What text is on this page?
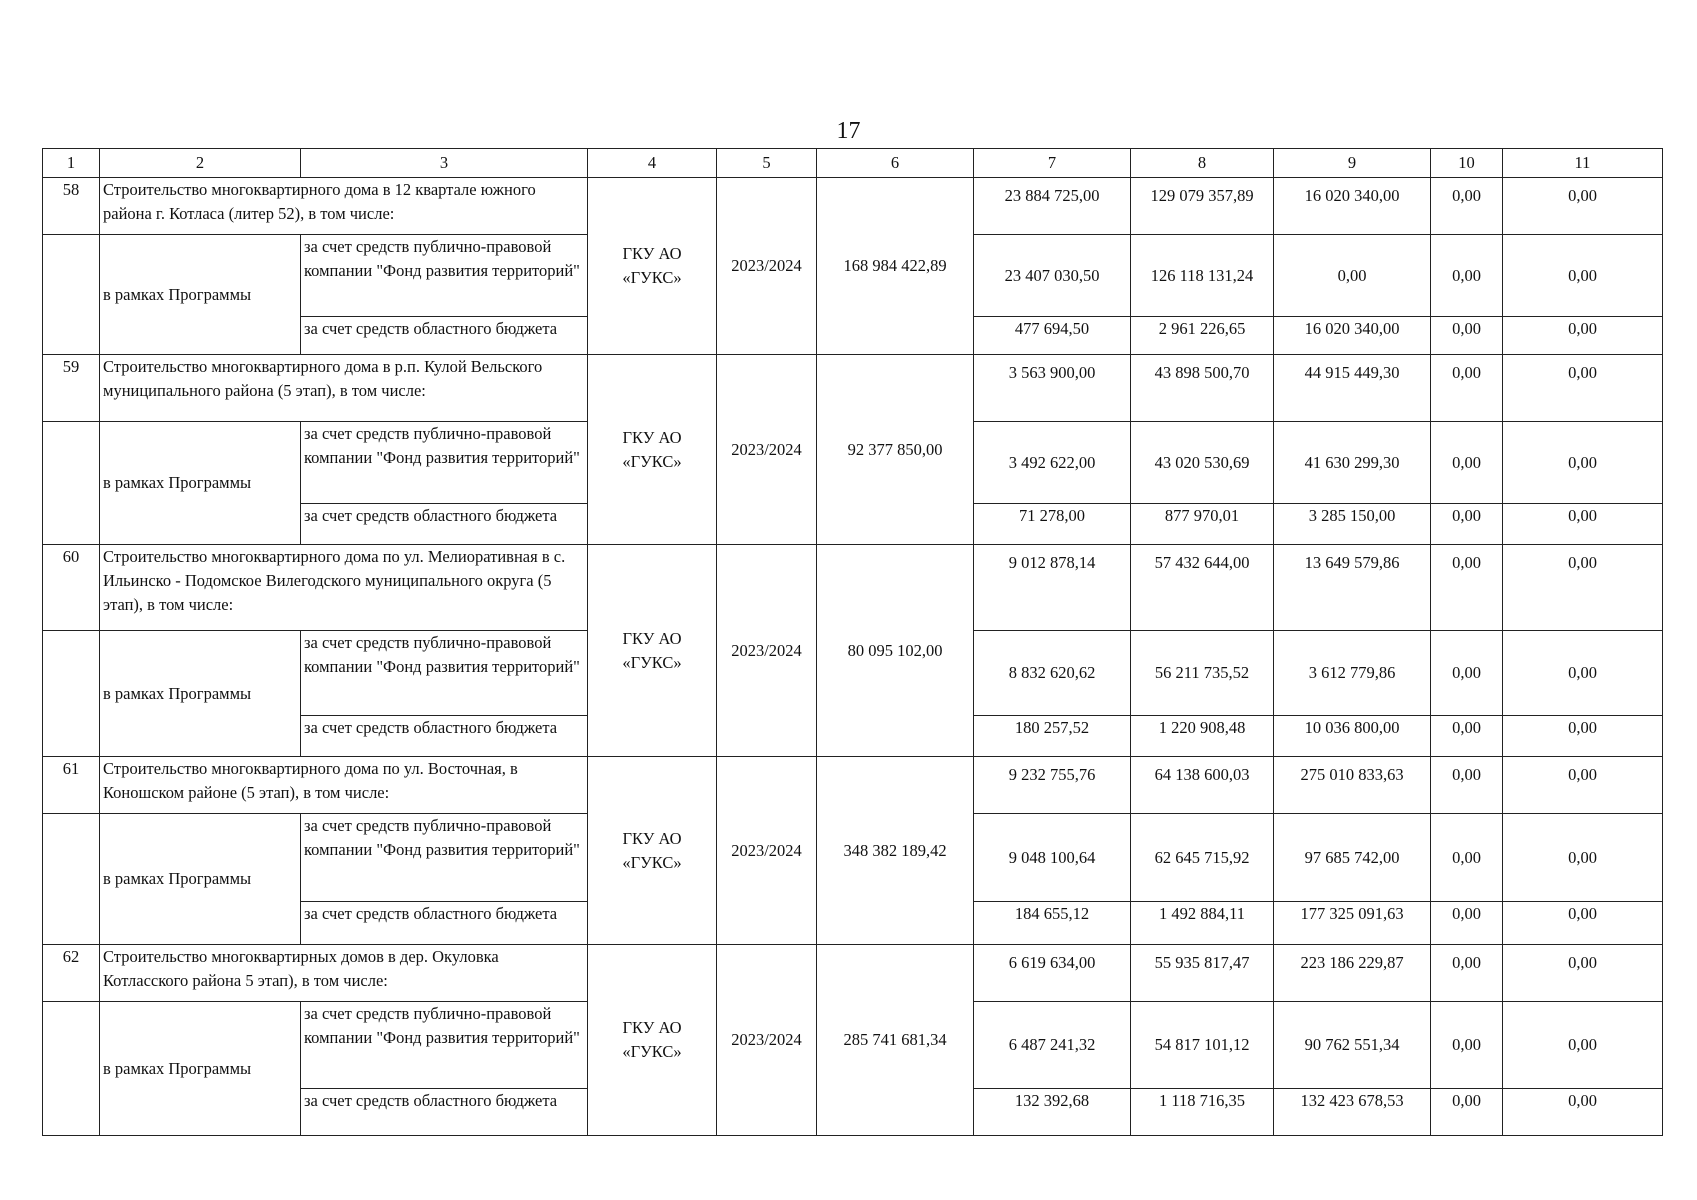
17
1	2	3	4	5	6	7	8	9	10	11
58	Строительство многоквартирного дома в 12 квартале южного района г. Котласа (литер 52), в том числе:		ГКУ АО «ГУКС»	2023/2024	168 984 422,89	23 884 725,00	129 079 357,89	16 020 340,00	0,00	0,00
	в рамках Программы	за счет средств публично-правовой компании "Фонд развития территорий"				23 407 030,50	126 118 131,24	0,00	0,00	0,00
		за счет средств областного бюджета				477 694,50	2 961 226,65	16 020 340,00	0,00	0,00
59	Строительство многоквартирного дома в р.п. Кулой Вельского муниципального района (5 этап), в том числе:		ГКУ АО «ГУКС»	2023/2024	92 377 850,00	3 563 900,00	43 898 500,70	44 915 449,30	0,00	0,00
	в рамках Программы	за счет средств публично-правовой компании "Фонд развития территорий"				3 492 622,00	43 020 530,69	41 630 299,30	0,00	0,00
		за счет средств областного бюджета				71 278,00	877 970,01	3 285 150,00	0,00	0,00
60	Строительство многоквартирного дома по ул. Мелиоративная в с. Ильинско - Подомское Вилегодского муниципального округа (5 этап), в том числе:		ГКУ АО «ГУКС»	2023/2024	80 095 102,00	9 012 878,14	57 432 644,00	13 649 579,86	0,00	0,00
	в рамках Программы	за счет средств публично-правовой компании "Фонд развития территорий"				8 832 620,62	56 211 735,52	3 612 779,86	0,00	0,00
		за счет средств областного бюджета				180 257,52	1 220 908,48	10 036 800,00	0,00	0,00
61	Строительство многоквартирного дома по ул. Восточная, в Коношском районе (5 этап), в том числе:		ГКУ АО «ГУКС»	2023/2024	348 382 189,42	9 232 755,76	64 138 600,03	275 010 833,63	0,00	0,00
	в рамках Программы	за счет средств публично-правовой компании "Фонд развития территорий"				9 048 100,64	62 645 715,92	97 685 742,00	0,00	0,00
		за счет средств областного бюджета				184 655,12	1 492 884,11	177 325 091,63	0,00	0,00
62	Строительство многоквартирных домов в дер. Окуловка Котласского района 5 этап), в том числе:		ГКУ АО «ГУКС»	2023/2024	285 741 681,34	6 619 634,00	55 935 817,47	223 186 229,87	0,00	0,00
	в рамках Программы	за счет средств публично-правовой компании "Фонд развития территорий"				6 487 241,32	54 817 101,12	90 762 551,34	0,00	0,00
		за счет средств областного бюджета				132 392,68	1 118 716,35	132 423 678,53	0,00	0,00
